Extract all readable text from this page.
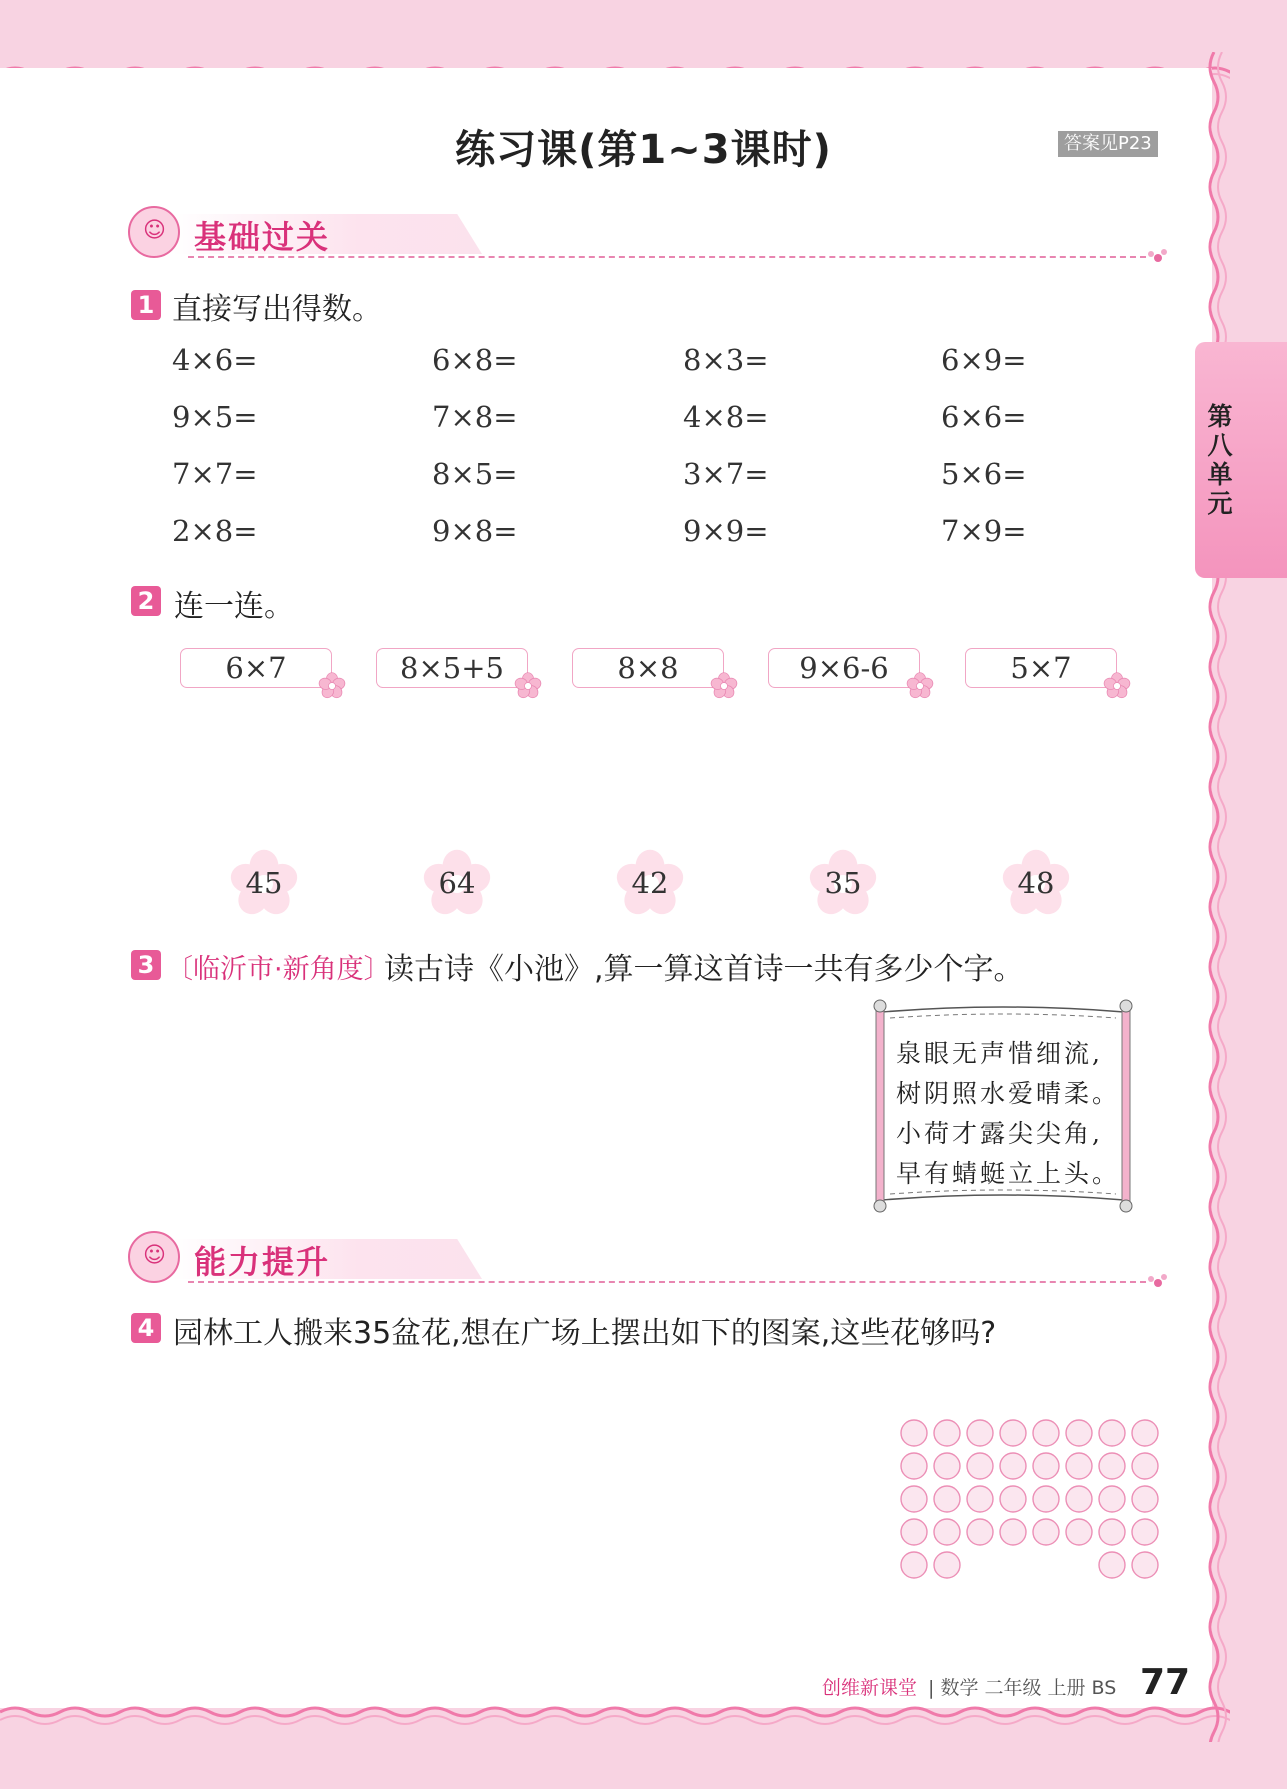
练习课(第1~3课时)	答案见P23
第八单元
☺ 基础过关
1 直接写出得数。
4×6=	6×8=	8×3=	6×9=
9×5=	7×8=	4×8=	6×6=
7×7=	8×5=	3×7=	5×6=
2×8=	9×8=	9×9=	7×9=
2 连一连。
6×7	8×5+5	8×8	9×6-6	5×7
45	64	42	35	48
3 〔临沂市·新角度〕
读古诗《小池》,算一算这首诗一共有多少个字。
泉眼无声惜细流,
树阴照水爱晴柔。
小荷才露尖尖角,
早有蜻蜓立上头。
☺ 能力提升
4 园林工人搬来35盆花,想在广场上摆出如下的图案,这些花够吗?
创维新课堂 | 数学 二年级 上册 BS 77
